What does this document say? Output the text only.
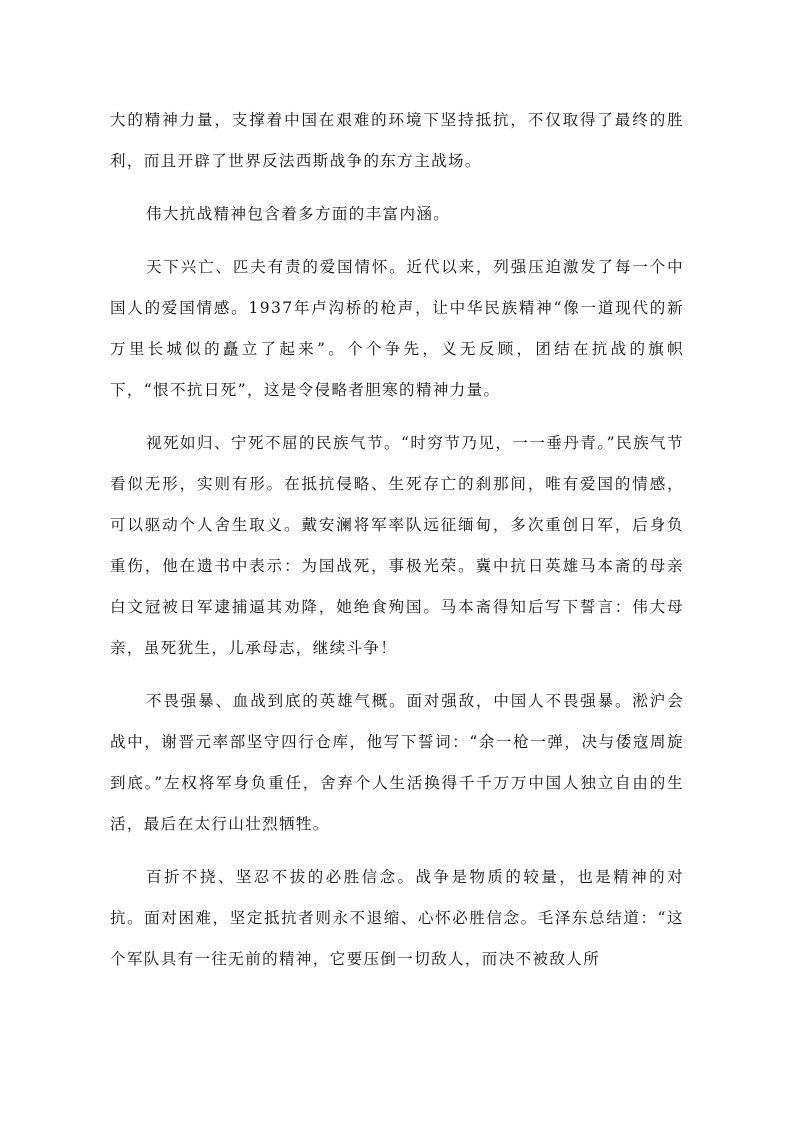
大的精神力量，支撑着中国在艰难的环境下坚持抵抗，不仅取得了最终的胜利，而且开辟了世界反法西斯战争的东方主战场。

伟大抗战精神包含着多方面的丰富内涵。

天下兴亡、匹夫有责的爱国情怀。近代以来，列强压迫激发了每一个中国人的爱国情感。1937年卢沟桥的枪声，让中华民族精神“像一道现代的新万里长城似的矗立了起来”。个个争先，义无反顾，团结在抗战的旗帜下，“恨不抗日死”，这是令侵略者胆寒的精神力量。

视死如归、宁死不屈的民族气节。“时穷节乃见，一一垂丹青。”民族气节看似无形，实则有形。在抵抗侵略、生死存亡的刹那间，唯有爱国的情感，可以驱动个人舍生取义。戴安澜将军率队远征缅甸，多次重创日军，后身负重伤，他在遗书中表示：为国战死，事极光荣。冀中抗日英雄马本斋的母亲白文冠被日军逮捕逼其劝降，她绝食殉国。马本斋得知后写下誓言：伟大母亲，虽死犹生，儿承母志，继续斗争！

不畏强暴、血战到底的英雄气概。面对强敌，中国人不畏强暴。淞沪会战中，谢晋元率部坚守四行仓库，他写下誓词：“余一枪一弹，决与倭寇周旋到底。”左权将军身负重任，舍弃个人生活换得千千万万中国人独立自由的生活，最后在太行山壮烈牺牲。

百折不挠、坚忍不拔的必胜信念。战争是物质的较量，也是精神的对抗。面对困难，坚定抵抗者则永不退缩、心怀必胜信念。毛泽东总结道：“这个军队具有一往无前的精神，它要压倒一切敌人，而决不被敌人所
